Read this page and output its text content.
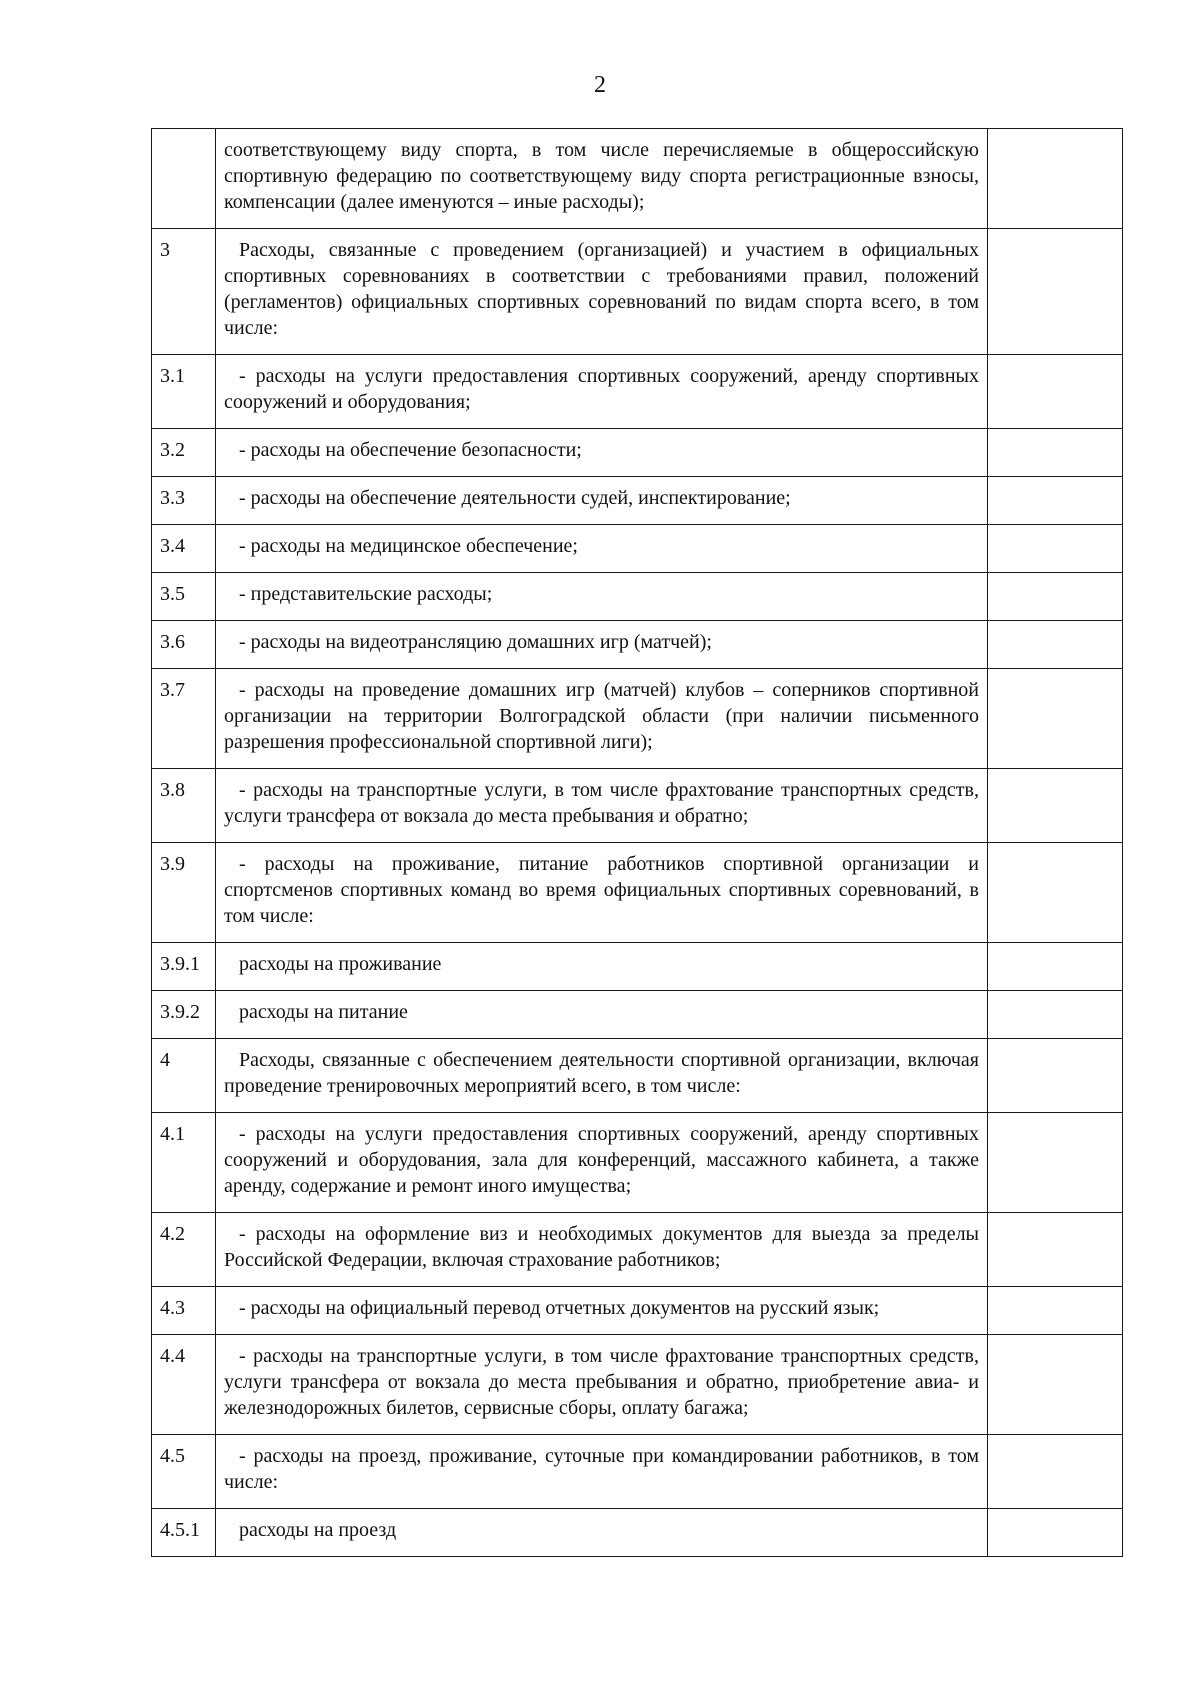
2
	соответствующему виду спорта, в том числе перечисляемые в общероссийскую спортивную федерацию по соответствующему виду спорта регистрационные взносы, компенсации (далее именуются – иные расходы);	
3	Расходы, связанные с проведением (организацией) и участием в официальных спортивных соревнованиях в соответствии с требованиями правил, положений (регламентов) официальных спортивных соревнований по видам спорта всего, в том числе:	
3.1	- расходы на услуги предоставления спортивных сооружений, аренду спортивных сооружений и оборудования;	
3.2	- расходы на обеспечение безопасности;	
3.3	- расходы на обеспечение деятельности судей, инспектирование;	
3.4	- расходы на медицинское обеспечение;	
3.5	- представительские расходы;	
3.6	- расходы на видеотрансляцию домашних игр (матчей);	
3.7	- расходы на проведение домашних игр (матчей) клубов – соперников спортивной организации на территории Волгоградской области (при наличии письменного разрешения профессиональной спортивной лиги);	
3.8	- расходы на транспортные услуги, в том числе фрахтование транспортных средств, услуги трансфера от вокзала до места пребывания и обратно;	
3.9	- расходы на проживание, питание работников спортивной организации и спортсменов спортивных команд во время официальных спортивных соревнований, в том числе:	
3.9.1	расходы на проживание	
3.9.2	расходы на питание	
4	Расходы, связанные с обеспечением деятельности спортивной организации, включая проведение тренировочных мероприятий всего, в том числе:	
4.1	- расходы на услуги предоставления спортивных сооружений, аренду спортивных сооружений и оборудования, зала для конференций, массажного кабинета, а также аренду, содержание и ремонт иного имущества;	
4.2	- расходы на оформление виз и необходимых документов для выезда за пределы Российской Федерации, включая страхование работников;	
4.3	- расходы на официальный перевод отчетных документов на русский язык;	
4.4	- расходы на транспортные услуги, в том числе фрахтование транспортных средств, услуги трансфера от вокзала до места пребывания и обратно, приобретение авиа- и железнодорожных билетов, сервисные сборы, оплату багажа;	
4.5	- расходы на проезд, проживание, суточные при командировании работников, в том числе:	
4.5.1	расходы на проезд	
